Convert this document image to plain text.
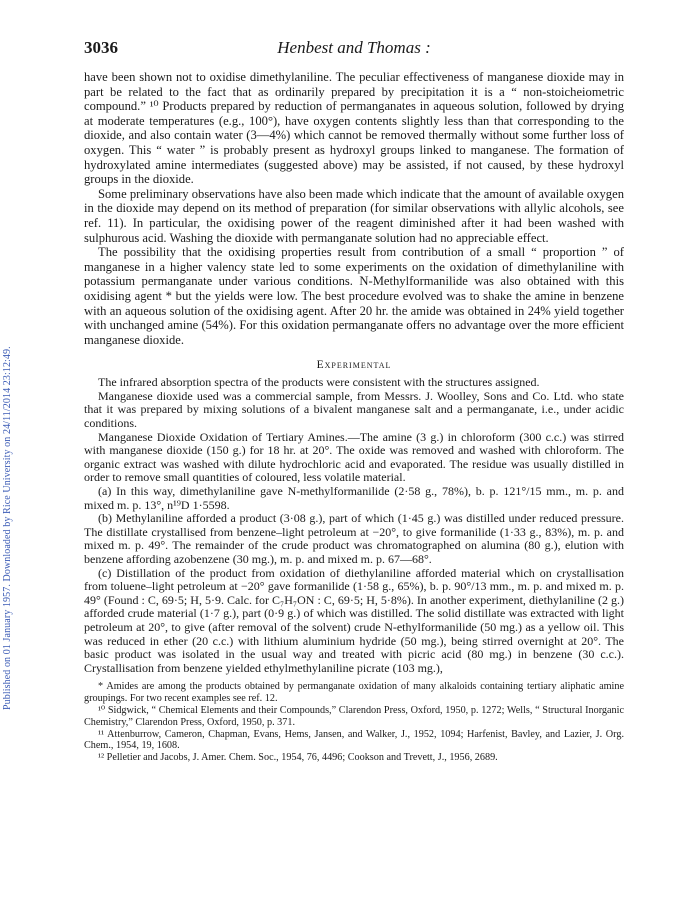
Published on 01 January 1957. Downloaded by Rice University on 24/11/2014 23:12:49.
3036	Henbest and Thomas :

have been shown not to oxidise dimethylaniline. The peculiar effectiveness of manganese dioxide may in part be related to the fact that as ordinarily prepared by precipitation it is a “ non-stoicheiometric compound.” ¹⁰ Products prepared by reduction of permanganates in aqueous solution, followed by drying at moderate temperatures (e.g., 100°), have oxygen contents slightly less than that corresponding to the dioxide, and also contain water (3—4%) which cannot be removed thermally without some further loss of oxygen. This “ water ” is probably present as hydroxyl groups linked to manganese. The formation of hydroxylated amine intermediates (suggested above) may be assisted, if not caused, by these hydroxyl groups in the dioxide.

Some preliminary observations have also been made which indicate that the amount of available oxygen in the dioxide may depend on its method of preparation (for similar observations with allylic alcohols, see ref. 11). In particular, the oxidising power of the reagent diminished after it had been washed with sulphurous acid. Washing the dioxide with permanganate solution had no appreciable effect.

The possibility that the oxidising properties result from contribution of a small “ proportion ” of manganese in a higher valency state led to some experiments on the oxidation of dimethylaniline with potassium permanganate under various conditions. N-Methylformanilide was also obtained with this oxidising agent * but the yields were low. The best procedure evolved was to shake the amine in benzene with an aqueous solution of the oxidising agent. After 20 hr. the amide was obtained in 24% yield together with unchanged amine (54%). For this oxidation permanganate offers no advantage over the more efficient manganese dioxide.

Experimental

The infrared absorption spectra of the products were consistent with the structures assigned.

Manganese dioxide used was a commercial sample, from Messrs. J. Woolley, Sons and Co. Ltd. who state that it was prepared by mixing solutions of a bivalent manganese salt and a permanganate, i.e., under acidic conditions.

Manganese Dioxide Oxidation of Tertiary Amines.—The amine (3 g.) in chloroform (300 c.c.) was stirred with manganese dioxide (150 g.) for 18 hr. at 20°. The oxide was removed and washed with chloroform. The organic extract was washed with dilute hydrochloric acid and evaporated. The residue was usually distilled in order to remove small quantities of coloured, less volatile material.

(a) In this way, dimethylaniline gave N-methylformanilide (2·58 g., 78%), b. p. 121°/15 mm., m. p. and mixed m. p. 13°, n¹⁹D 1·5598.

(b) Methylaniline afforded a product (3·08 g.), part of which (1·45 g.) was distilled under reduced pressure. The distillate crystallised from benzene–light petroleum at −20°, to give formanilide (1·33 g., 83%), m. p. and mixed m. p. 49°. The remainder of the crude product was chromatographed on alumina (80 g.), elution with benzene affording azobenzene (30 mg.), m. p. and mixed m. p. 67—68°.

(c) Distillation of the product from oxidation of diethylaniline afforded material which on crystallisation from toluene–light petroleum at −20° gave formanilide (1·58 g., 65%), b. p. 90°/13 mm., m. p. and mixed m. p. 49° (Found : C, 69·5; H, 5·9. Calc. for C₇H₇ON : C, 69·5; H, 5·8%). In another experiment, diethylaniline (2 g.) afforded crude material (1·7 g.), part (0·9 g.) of which was distilled. The solid distillate was extracted with light petroleum at 20°, to give (after removal of the solvent) crude N-ethylformanilide (50 mg.) as a yellow oil. This was reduced in ether (20 c.c.) with lithium aluminium hydride (50 mg.), being stirred overnight at 20°. The basic product was isolated in the usual way and treated with picric acid (80 mg.) in benzene (30 c.c.). Crystallisation from benzene yielded ethylmethylaniline picrate (103 mg.),

* Amides are among the products obtained by permanganate oxidation of many alkaloids containing tertiary aliphatic amine groupings. For two recent examples see ref. 12.

¹⁰ Sidgwick, “ Chemical Elements and their Compounds,” Clarendon Press, Oxford, 1950, p. 1272; Wells, “ Structural Inorganic Chemistry,” Clarendon Press, Oxford, 1950, p. 371.

¹¹ Attenburrow, Cameron, Chapman, Evans, Hems, Jansen, and Walker, J., 1952, 1094; Harfenist, Bavley, and Lazier, J. Org. Chem., 1954, 19, 1608.

¹² Pelletier and Jacobs, J. Amer. Chem. Soc., 1954, 76, 4496; Cookson and Trevett, J., 1956, 2689.
